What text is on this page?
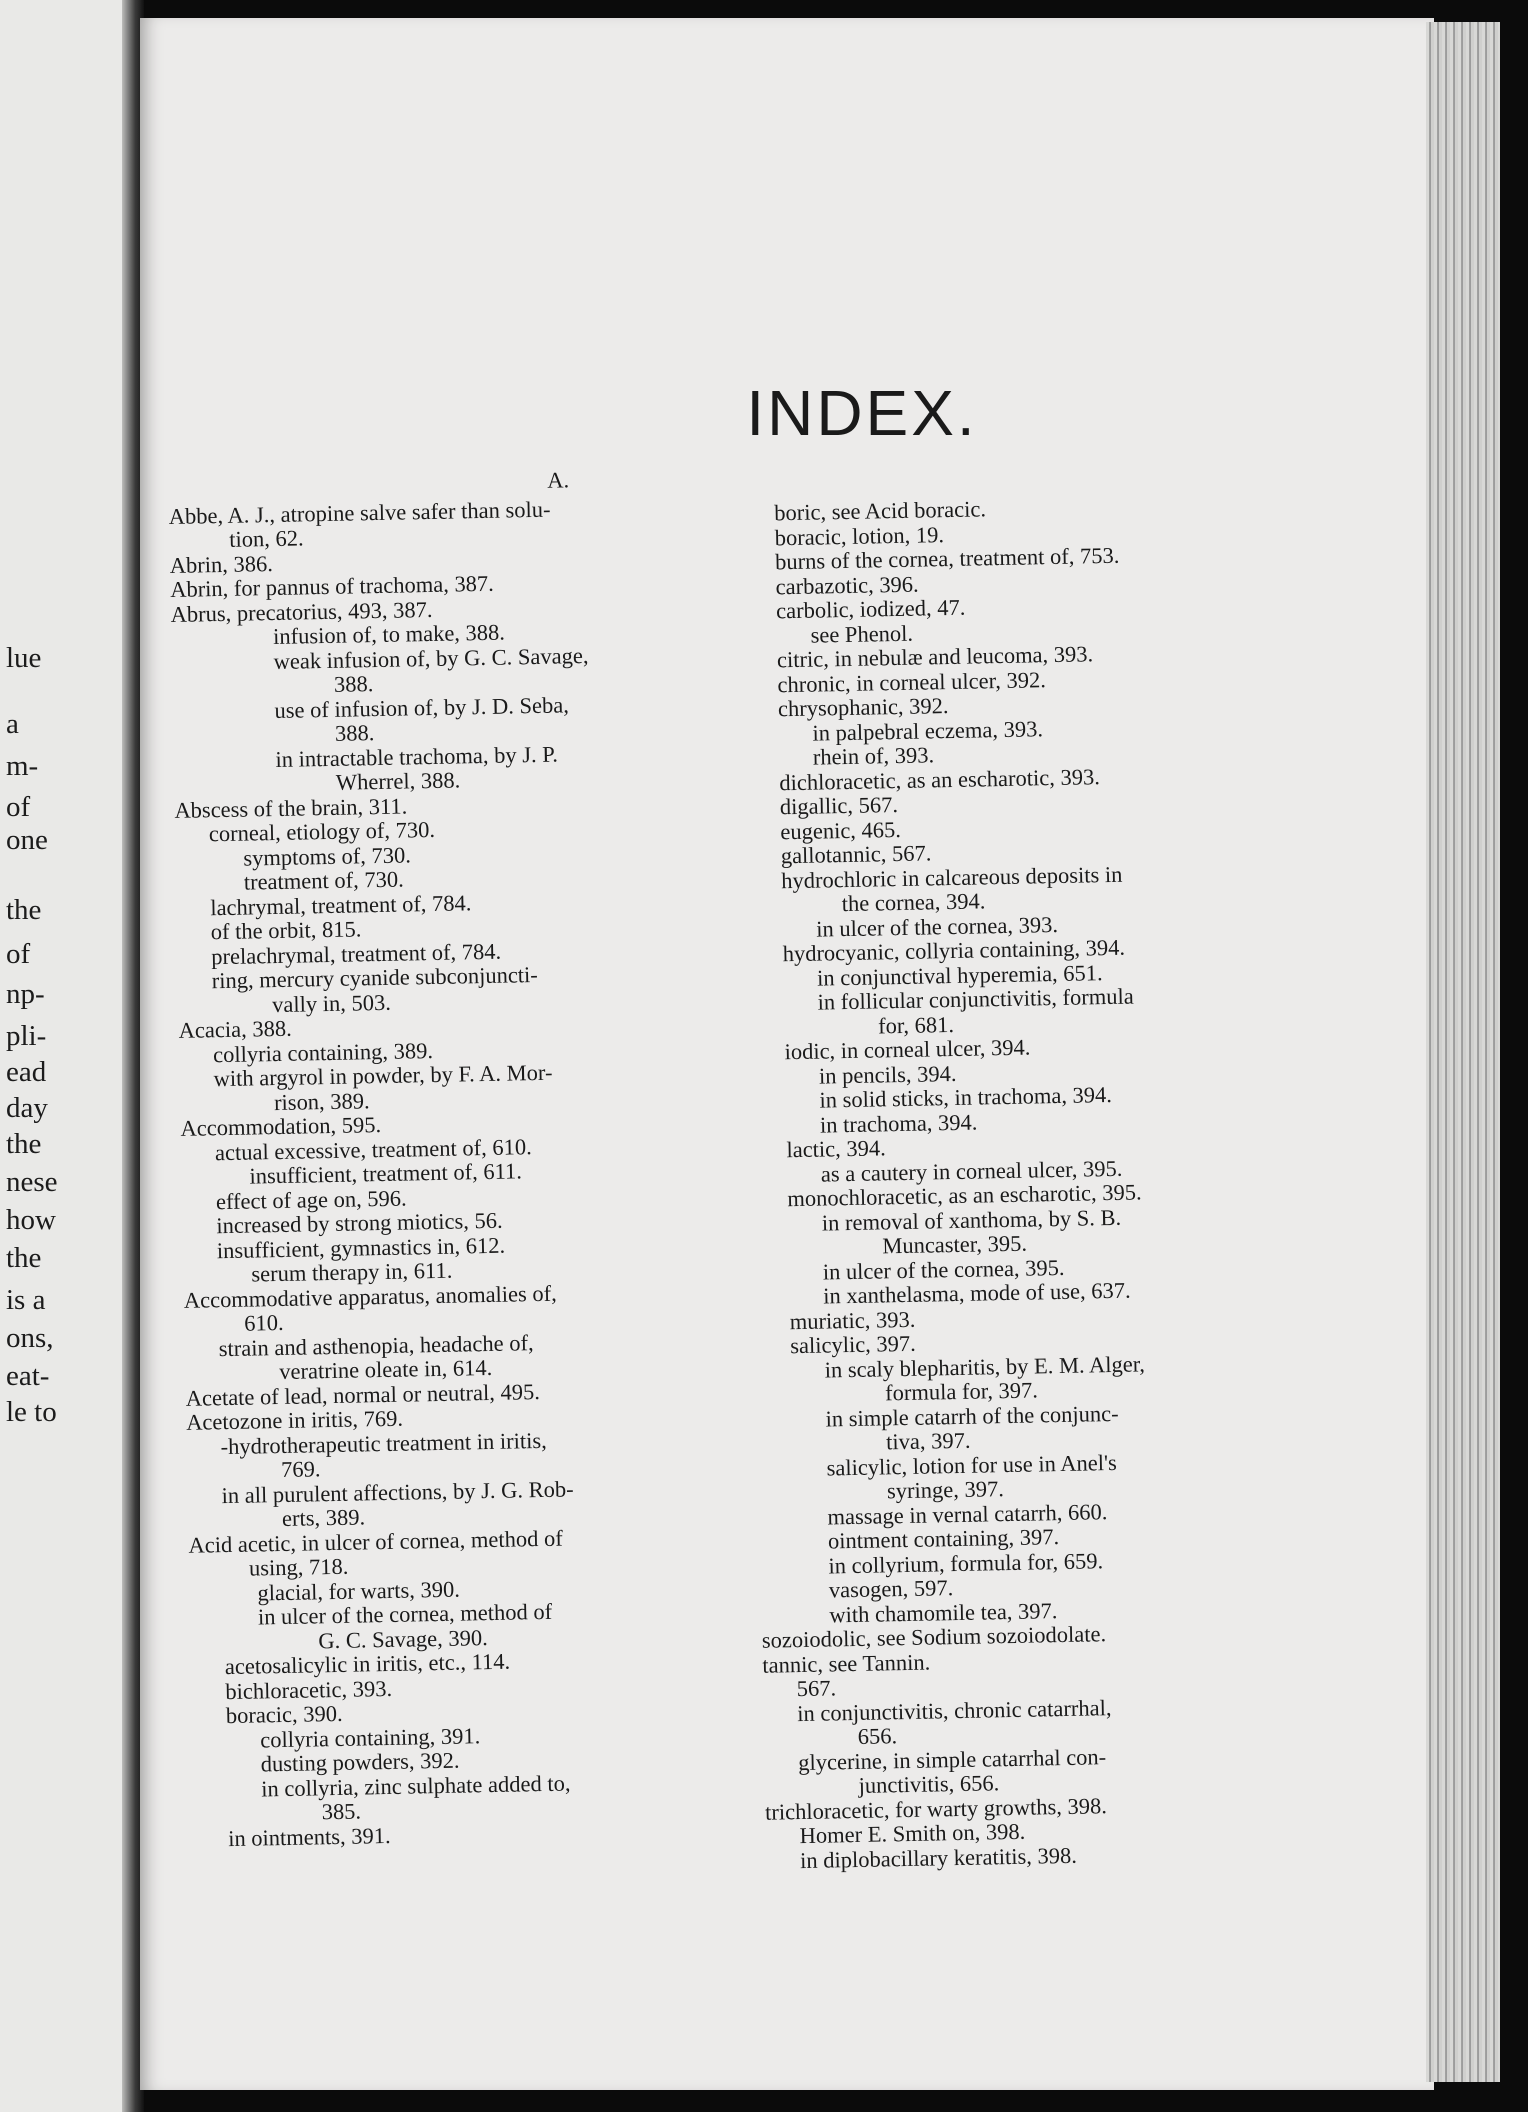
lue
a
m-
of
one
the
of
np-
pli-
ead
day
the
nese
how
the
is a
ons,
eat-
le to
INDEX.
A.
Abbe, A. J., atropine salve safer than solu-
tion, 62.
Abrin, 386.
Abrin, for pannus of trachoma, 387.
Abrus, precatorius, 493, 387.
infusion of, to make, 388.
weak infusion of, by G. C. Savage,
388.
use of infusion of, by J. D. Seba,
388.
in intractable trachoma, by J. P.
Wherrel, 388.
Abscess of the brain, 311.
corneal, etiology of, 730.
symptoms of, 730.
treatment of, 730.
lachrymal, treatment of, 784.
of the orbit, 815.
prelachrymal, treatment of, 784.
ring, mercury cyanide subconjuncti-
vally in, 503.
Acacia, 388.
collyria containing, 389.
with argyrol in powder, by F. A. Mor-
rison, 389.
Accommodation, 595.
actual excessive, treatment of, 610.
insufficient, treatment of, 611.
effect of age on, 596.
increased by strong miotics, 56.
insufficient, gymnastics in, 612.
serum therapy in, 611.
Accommodative apparatus, anomalies of,
610.
strain and asthenopia, headache of,
veratrine oleate in, 614.
Acetate of lead, normal or neutral, 495.
Acetozone in iritis, 769.
-hydrotherapeutic treatment in iritis,
769.
in all purulent affections, by J. G. Rob-
erts, 389.
Acid acetic, in ulcer of cornea, method of
using, 718.
glacial, for warts, 390.
in ulcer of the cornea, method of
G. C. Savage, 390.
acetosalicylic in iritis, etc., 114.
bichloracetic, 393.
boracic, 390.
collyria containing, 391.
dusting powders, 392.
in collyria, zinc sulphate added to,
385.
in ointments, 391.
boric, see Acid boracic.
boracic, lotion, 19.
burns of the cornea, treatment of, 753.
carbazotic, 396.
carbolic, iodized, 47.
see Phenol.
citric, in nebulæ and leucoma, 393.
chronic, in corneal ulcer, 392.
chrysophanic, 392.
in palpebral eczema, 393.
rhein of, 393.
dichloracetic, as an escharotic, 393.
digallic, 567.
eugenic, 465.
gallotannic, 567.
hydrochloric in calcareous deposits in
the cornea, 394.
in ulcer of the cornea, 393.
hydrocyanic, collyria containing, 394.
in conjunctival hyperemia, 651.
in follicular conjunctivitis, formula
for, 681.
iodic, in corneal ulcer, 394.
in pencils, 394.
in solid sticks, in trachoma, 394.
in trachoma, 394.
lactic, 394.
as a cautery in corneal ulcer, 395.
monochloracetic, as an escharotic, 395.
in removal of xanthoma, by S. B.
Muncaster, 395.
in ulcer of the cornea, 395.
in xanthelasma, mode of use, 637.
muriatic, 393.
salicylic, 397.
in scaly blepharitis, by E. M. Alger,
formula for, 397.
in simple catarrh of the conjunc-
tiva, 397.
salicylic, lotion for use in Anel's
syringe, 397.
massage in vernal catarrh, 660.
ointment containing, 397.
in collyrium, formula for, 659.
vasogen, 597.
with chamomile tea, 397.
sozoiodolic, see Sodium sozoiodolate.
tannic, see Tannin.
567.
in conjunctivitis, chronic catarrhal,
656.
glycerine, in simple catarrhal con-
junctivitis, 656.
trichloracetic, for warty growths, 398.
Homer E. Smith on, 398.
in diplobacillary keratitis, 398.
